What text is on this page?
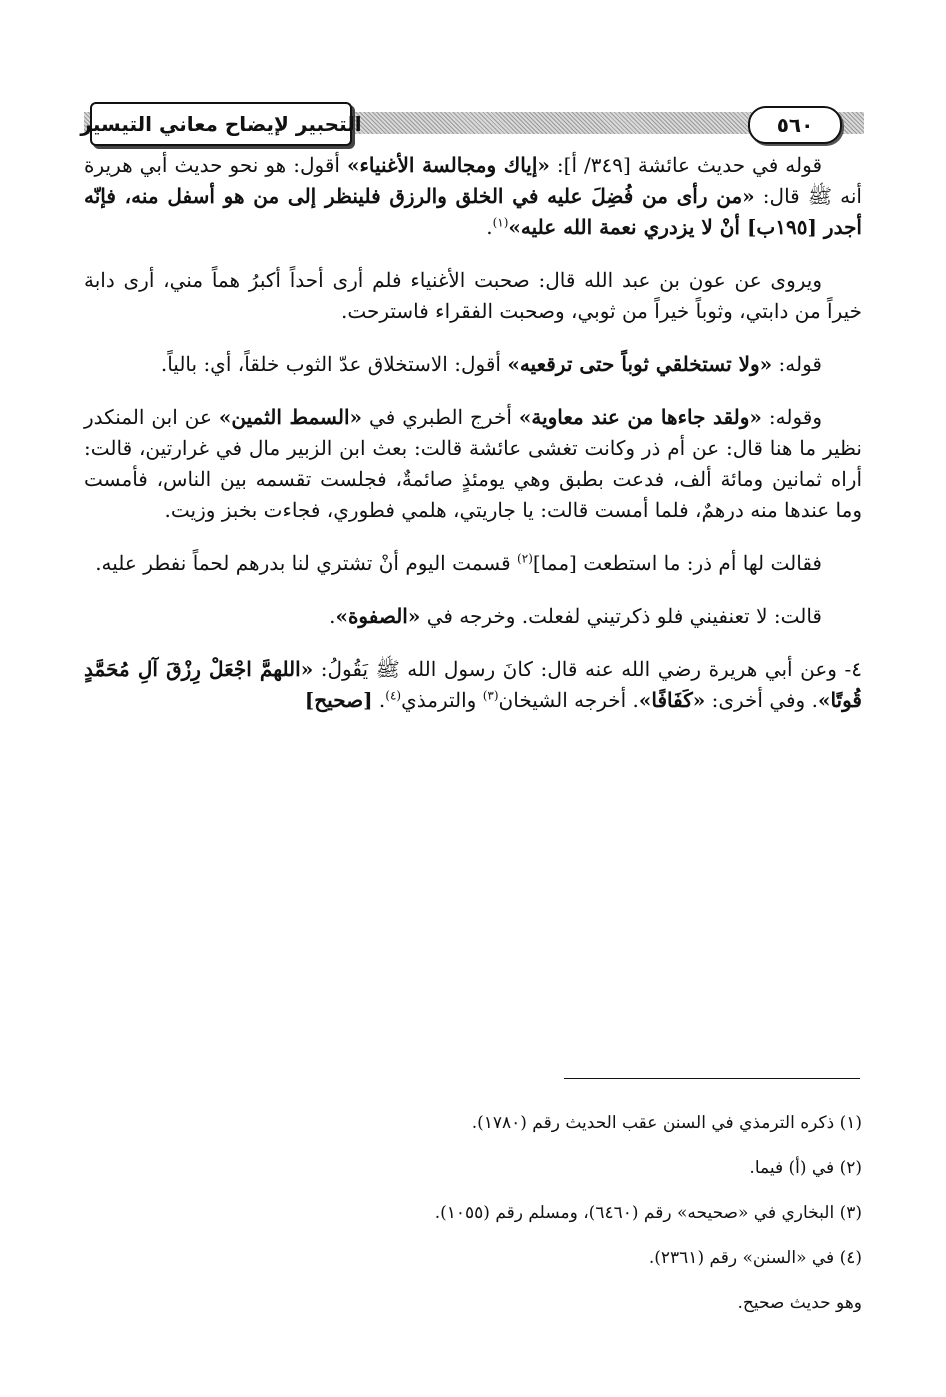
٥٦٠
التحبير لإيضاح معاني التيسير

قوله في حديث عائشة [٣٤٩/ أ]: «إياك ومجالسة الأغنياء» أقول: هو نحو حديث أبي هريرة أنه ﷺ قال: «من رأى من فُضِلَ عليه في الخلق والرزق فلينظر إلى من هو أسفل منه، فإنّه أجدر [١٩٥ب] أنْ لا يزدري نعمة الله عليه»$^{(١)}$.

ويروى عن عون بن عبد الله قال: صحبت الأغنياء فلم أرى أحداً أكبرُ هماً مني، أرى دابة خيراً من دابتي، وثوباً خيراً من ثوبي، وصحبت الفقراء فاسترحت.

قوله: «ولا تستخلقي ثوباً حتى ترقعيه» أقول: الاستخلاق عدّ الثوب خلقاً، أي: بالياً.

وقوله: «ولقد جاءها من عند معاوية» أخرج الطبري في «السمط الثمين» عن ابن المنكدر نظير ما هنا قال: عن أم ذر وكانت تغشى عائشة قالت: بعث ابن الزبير مال في غرارتين، قالت: أراه ثمانين ومائة ألف، فدعت بطبق وهي يومئذٍ صائمةٌ، فجلست تقسمه بين الناس، فأمست وما عندها منه درهمٌ، فلما أمست قالت: يا جاريتي، هلمي فطوري، فجاءت بخبز وزيت.

فقالت لها أم ذر: ما استطعت [مما]$^{(٢)}$ قسمت اليوم أنْ تشتري لنا بدرهم لحماً نفطر عليه.

قالت: لا تعنفيني فلو ذكرتيني لفعلت. وخرجه في «الصفوة».

٤- وعن أبي هريرة رضي الله عنه قال: كانَ رسول الله ﷺ يَقُولُ: «اللهمَّ اجْعَلْ رِزْقَ آلِ مُحَمَّدٍ قُوتًا». وفي أخرى: «كَفَافًا». أخرجه الشيخان$^{(٣)}$ والترمذي$^{(٤)}$. [صحيح]

(١) ذكره الترمذي في السنن عقب الحديث رقم (١٧٨٠).
(٢) في (أ) فيما.
(٣) البخاري في «صحيحه» رقم (٦٤٦٠)، ومسلم رقم (١٠٥٥).
(٤) في «السنن» رقم (٢٣٦١).
وهو حديث صحيح.
